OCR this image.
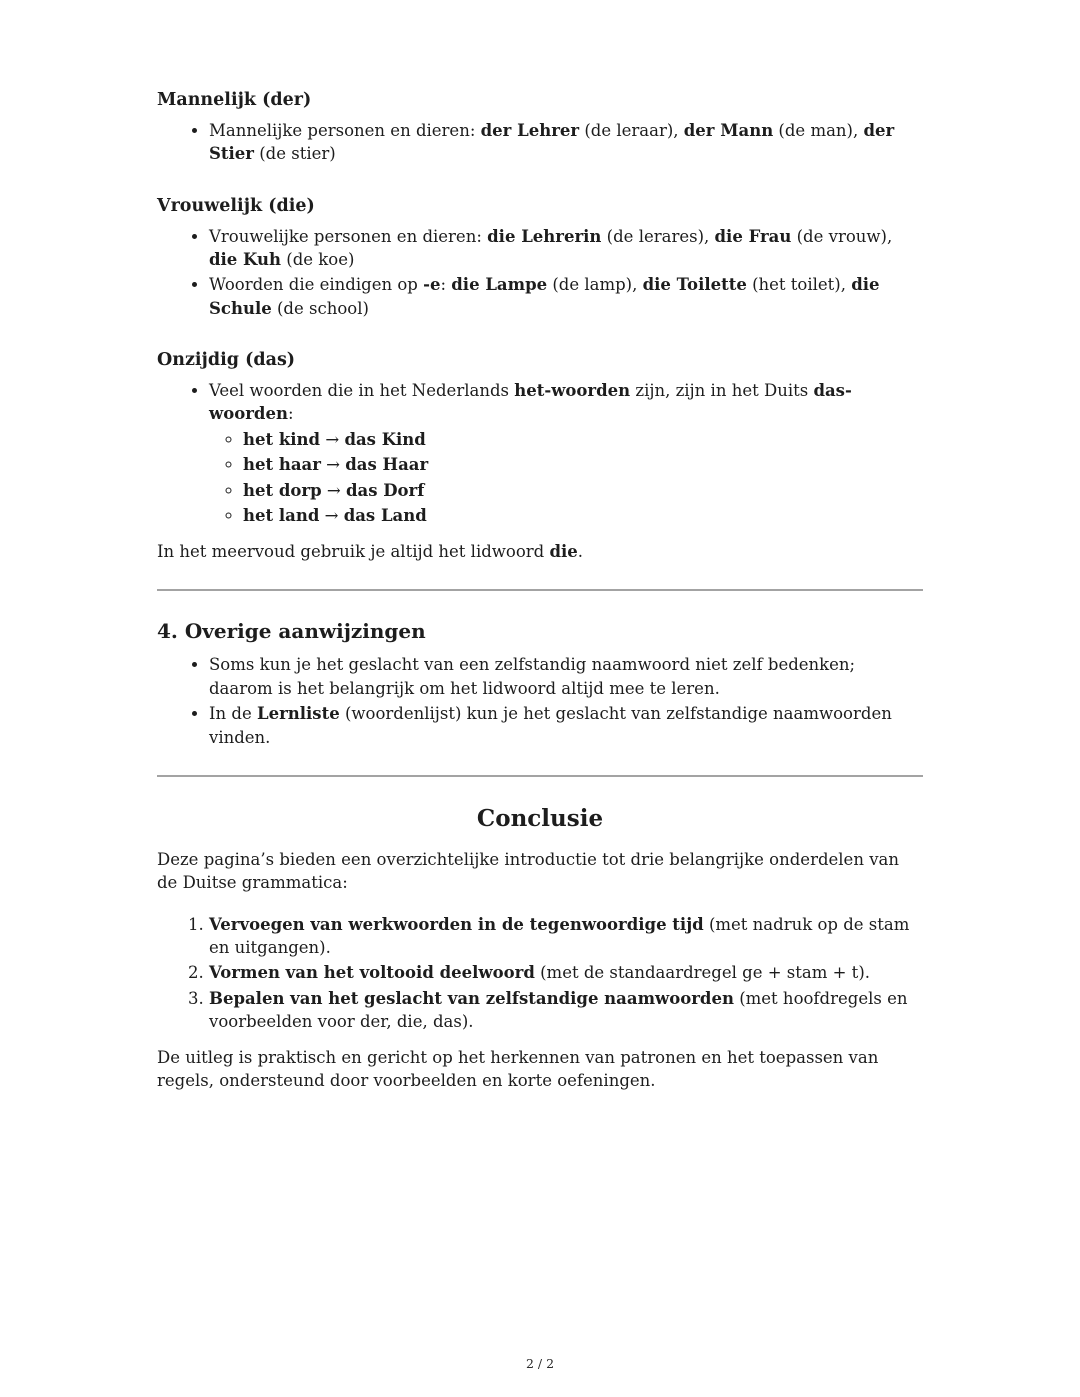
Mannelijk (der)
• Mannelijke personen en dieren: der Lehrer (de leraar), der Mann (de man), der Stier (de stier)
Vrouwelijk (die)
• Vrouwelijke personen en dieren: die Lehrerin (de lerares), die Frau (de vrouw), die Kuh (de koe)
• Woorden die eindigen op -e: die Lampe (de lamp), die Toilette (het toilet), die Schule (de school)
Onzijdig (das)
• Veel woorden die in het Nederlands het-woorden zijn, zijn in het Duits das-woorden:
◦ het kind → das Kind
◦ het haar → das Haar
◦ het dorp → das Dorf
◦ het land → das Land

In het meervoud gebruik je altijd het lidwoord die.

4. Overige aanwijzingen
• Soms kun je het geslacht van een zelfstandig naamwoord niet zelf bedenken; daarom is het belangrijk om het lidwoord altijd mee te leren.
• In de Lernliste (woordenlijst) kun je het geslacht van zelfstandige naamwoorden vinden.
Conclusie

Deze pagina’s bieden een overzichtelijke introductie tot drie belangrijke onderdelen van de Duitse grammatica:

1. Vervoegen van werkwoorden in de tegenwoordige tijd (met nadruk op de stam en uitgangen).
2. Vormen van het voltooid deelwoord (met de standaardregel ge + stam + t).
3. Bepalen van het geslacht van zelfstandige naamwoorden (met hoofdregels en voorbeelden voor der, die, das).

De uitleg is praktisch en gericht op het herkennen van patronen en het toepassen van regels, ondersteund door voorbeelden en korte oefeningen.

2 / 2
